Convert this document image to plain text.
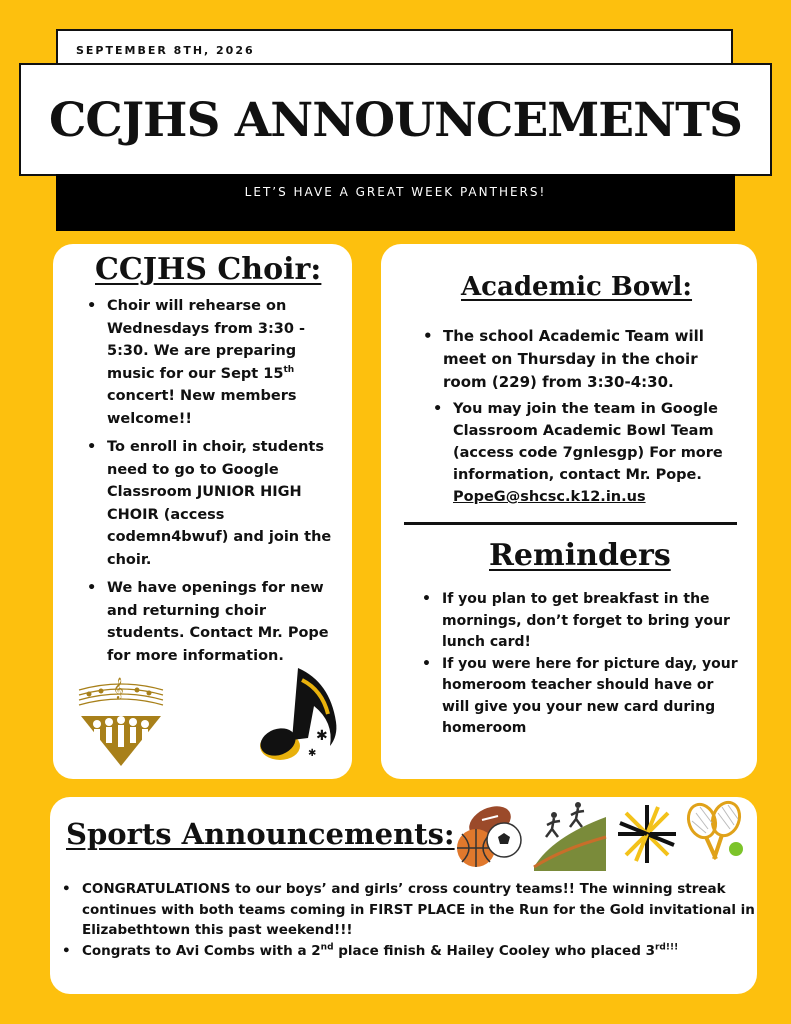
SEPTEMBER 8TH, 2026
CCJHS ANNOUNCEMENTS
LET’S HAVE A GREAT WEEK PANTHERS!
CCJHS Choir:
• Choir will rehearse on Wednesdays from 3:30 - 5:30. We are preparing music for our Sept 15th concert! New members welcome!!
• To enroll in choir, students need to go to Google Classroom JUNIOR HIGH CHOIR (access codemn4bwuf) and join the choir.
• We have openings for new and returning choir students. Contact Mr. Pope for more information.
𝄞
✱
✱
Academic Bowl:
• The school Academic Team will meet on Thursday in the choir room (229) from 3:30-4:30.
• You may join the team in Google Classroom Academic Bowl Team (access code 7gnlesgp) For more information, contact Mr. Pope.
PopeG@shcsc.k12.in.us
Reminders
• If you plan to get breakfast in the mornings, don’t forget to bring your lunch card!
• If you were here for picture day, your homeroom teacher should have or will give you your new card during homeroom
Sports Announcements:
• CONGRATULATIONS to our boys’ and girls’ cross country teams!! The winning streak continues with both teams coming in FIRST PLACE in the Run for the Gold invitational in Elizabethtown this past weekend!!!
• Congrats to Avi Combs with a 2nd place finish & Hailey Cooley who placed $3^{rd!!!}$
